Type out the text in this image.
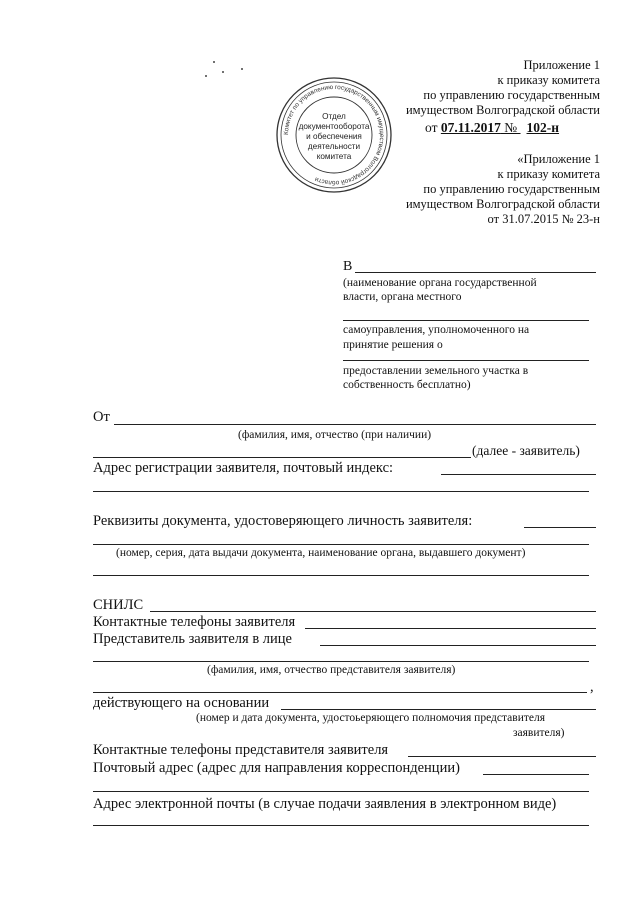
Приложение 1
к приказу комитета
по управлению государственным
имуществом Волгоградской области
от 07.11.2017 № 102-н
Комитет по управлению государственным имуществом Волгоградской области
Отдел
документооборота
и обеспечения
деятельности
комитета	«Приложение 1
к приказу комитета
по управлению государственным
имуществом Волгоградской области
от 31.07.2015 № 23-н
В
(наименование органа государственной
власти, органа местного
самоуправления, уполномоченного на
принятие решения о
предоставлении земельного участка в
собственность бесплатно)
От
(фамилия, имя, отчество (при наличии)
(далее - заявитель)
Адрес регистрации заявителя, почтовый индекс:
Реквизиты документа, удостоверяющего личность заявителя:
(номер, серия, дата выдачи документа, наименование органа, выдавшего документ)
СНИЛС
Контактные телефоны заявителя
Представитель заявителя в лице
(фамилия, имя, отчество представителя заявителя)
,
действующего на основании
(номер и дата документа, удостоьеряющего полномочия представителя
заявителя)
Контактные телефоны представителя заявителя
Почтовый адрес (адрес для направления корреспонденции)
Адрес электронной почты (в случае подачи заявления в электронном виде)
